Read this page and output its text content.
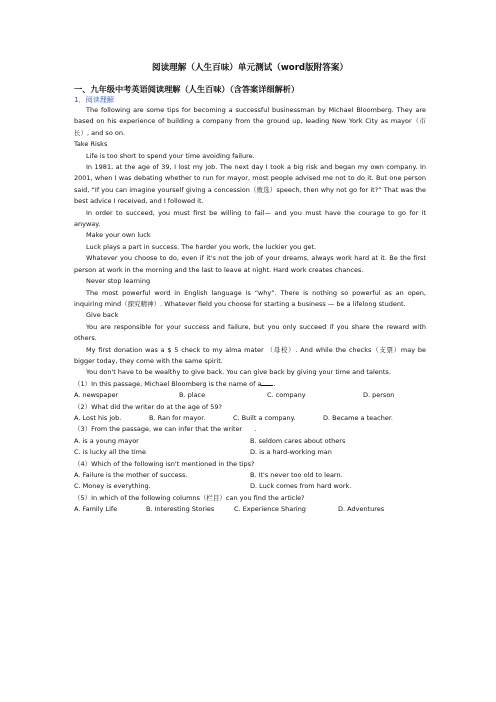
阅读理解（人生百味）单元测试（word版附答案）
一、九年级中考英语阅读理解（人生百味）（含答案详细解析）
1．阅读理解
The following are some tips for becoming a successful businessman by Michael Bloomberg. They are based on his experience of building a company from the ground up, leading New York City as mayor（市长）, and so on.
Take Risks
Life is too short to spend your time avoiding failure.
In 1981, at the age of 39, I lost my job. The next day I took a big risk and began my own company. In 2001, when I was debating whether to run for mayor, most people advised me not to do it. But one person said, “If you can imagine yourself giving a concession（败选）speech, then why not go for it?” That was the best advice I received, and I followed it.
In order to succeed, you must first be willing to fail— and you must have the courage to go for it anyway.
Make your own luck
Luck plays a part in success. The harder you work, the luckier you get.
Whatever you choose to do, even if it's not the job of your dreams, always work hard at it. Be the first person at work in the morning and the last to leave at night. Hard work creates chances.
Never stop learning
The most powerful word in English language is “why”. There is nothing so powerful as an open, inquiring mind（探究精神）. Whatever field you choose for starting a business — be a lifelong student.
Give back
You are responsible for your success and failure, but you only succeed if you share the reward with others.
My first donation was a $ 5 check to my alma mater （母校）. And while the checks（支票）may be bigger today, they come with the same spirit.
You don't have to be wealthy to give back. You can give back by giving your time and talents.
（1）In this passage, Michael Bloomberg is the name of a .
A. newspaper	B. place	C. company	D. person
（2）What did the writer do at the age of 59?
A. Lost his job.	B. Ran for mayor.	C. Built a company.	D. Became a teacher.
（3）From the passage, we can infer that the writer .
A. is a young mayor	B. seldom cares about others
C. is lucky all the time	D. is a hard-working man
（4）Which of the following isn't mentioned in the tips?
A. Failure is the mother of success.	B. It's never too old to learn.
C. Money is everything.	D. Luck comes from hard work.
（5）In which of the following columns（栏目）can you find the article?
A. Family Life	B. Interesting Stories	C. Experience Sharing	D. Adventures
